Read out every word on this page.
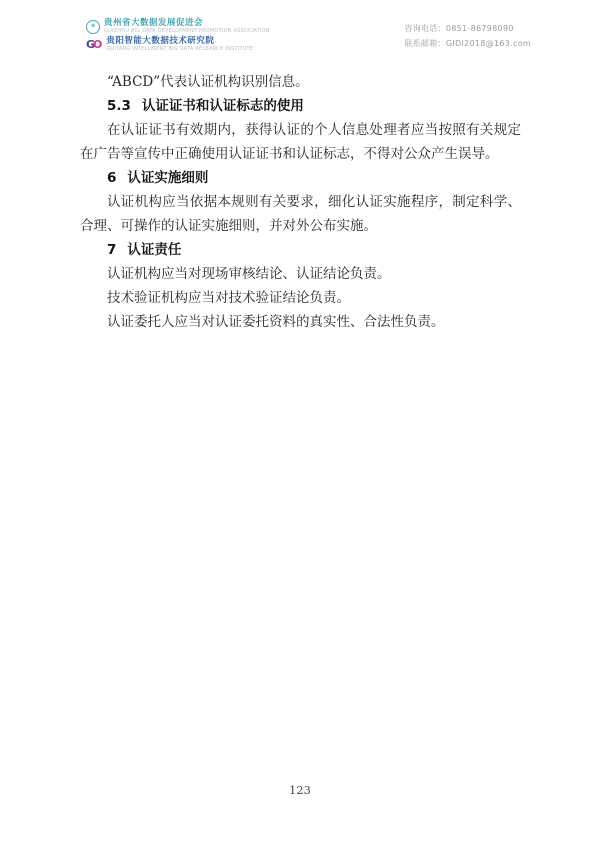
✶ 贵州省大数据发展促进会
GUIZHOU BIG DATA DEVELOPMENT PROMOTION ASSOCIATION
G
O 贵阳智能大数据技术研究院
GUIYANG INTELLIGENT BIG DATA RESEARCH INSTITUTE
咨询电话：0851-86798090
联系邮箱：GIDI2018@163.com

“ABCD”代表认证机构识别信息。

5.3 认证证书和认证标志的使用

在认证证书有效期内，获得认证的个人信息处理者应当按照有关规定在广告等宣传中正确使用认证证书和认证标志，不得对公众产生误导。

6 认证实施细则

认证机构应当依据本规则有关要求，细化认证实施程序，制定科学、合理、可操作的认证实施细则，并对外公布实施。

7 认证责任

认证机构应当对现场审核结论、认证结论负责。

技术验证机构应当对技术验证结论负责。

认证委托人应当对认证委托资料的真实性、合法性负责。

123
